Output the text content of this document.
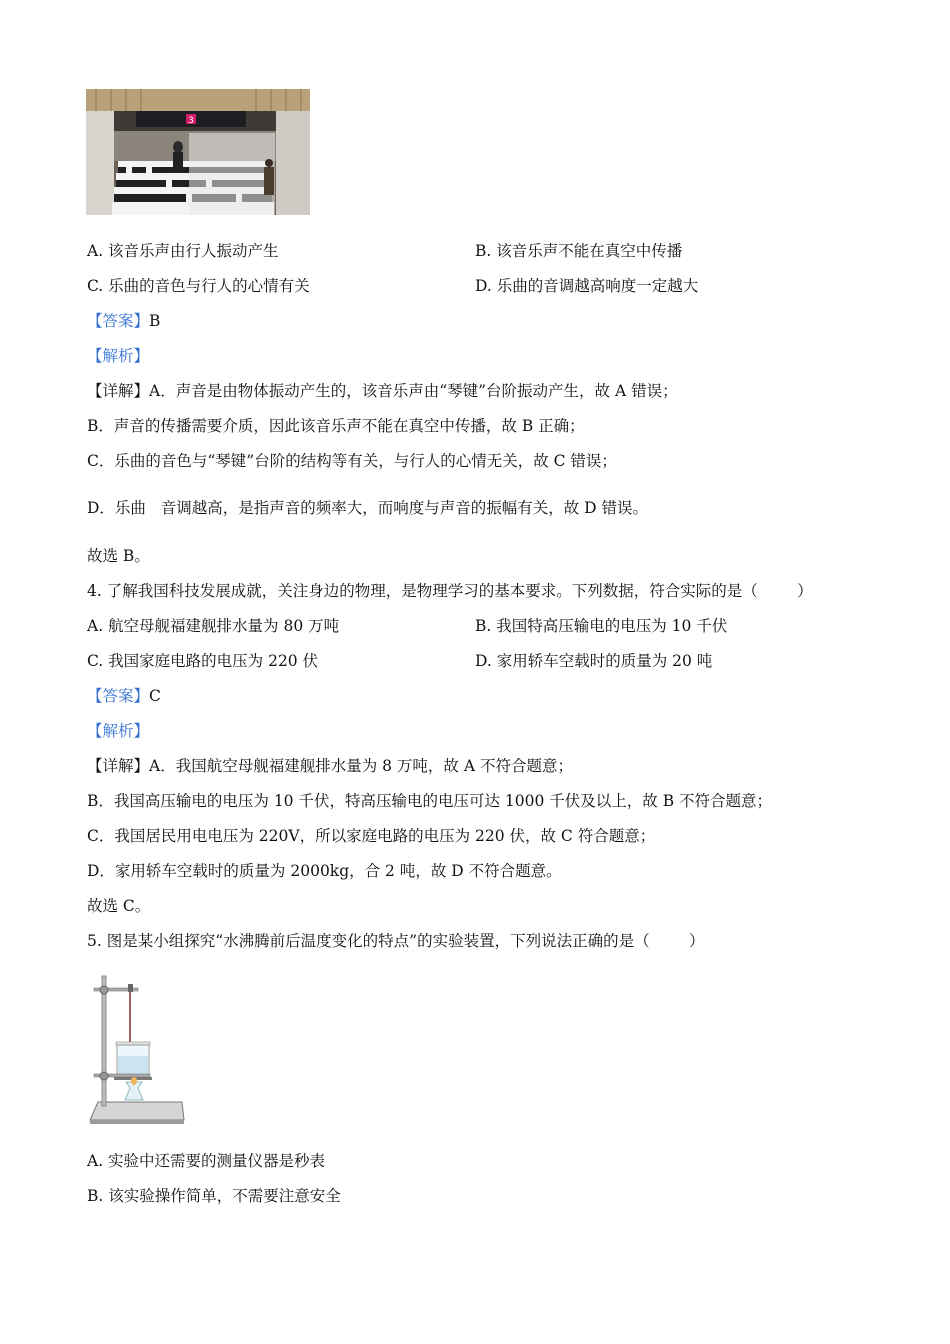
3
A. 该音乐声由行人振动产生	B. 该音乐声不能在真空中传播
C. 乐曲的音色与行人的心情有关	D. 乐曲的音调越高响度一定越大
【答案】B
【解析】
【详解】A．声音是由物体振动产生的，该音乐声由“琴键”台阶振动产生，故 A 错误；
B．声音的传播需要介质，因此该音乐声不能在真空中传播，故 B 正确；
C．乐曲的音色与“琴键”台阶的结构等有关，与行人的心情无关，故 C 错误；
D．乐曲   音调越高，是指声音的频率大，而响度与声音的振幅有关，故 D 错误。
故选 B。
4. 了解我国科技发展成就，关注身边的物理，是物理学习的基本要求。下列数据，符合实际的是（        ）
A. 航空母舰福建舰排水量为 80 万吨	B. 我国特高压输电的电压为 10 千伏
C. 我国家庭电路的电压为 220 伏	D. 家用轿车空载时的质量为 20 吨
【答案】C
【解析】
【详解】A．我国航空母舰福建舰排水量为 8 万吨，故 A 不符合题意；
B．我国高压输电的电压为 10 千伏，特高压输电的电压可达 1000 千伏及以上，故 B 不符合题意；
C．我国居民用电电压为 220V，所以家庭电路的电压为 220 伏，故 C 符合题意；
D．家用轿车空载时的质量为 2000kg，合 2 吨，故 D 不符合题意。
故选 C。
5. 图是某小组探究“水沸腾前后温度变化的特点”的实验装置，下列说法正确的是（        ）
A. 实验中还需要的测量仪器是秒表
B. 该实验操作简单，不需要注意安全
